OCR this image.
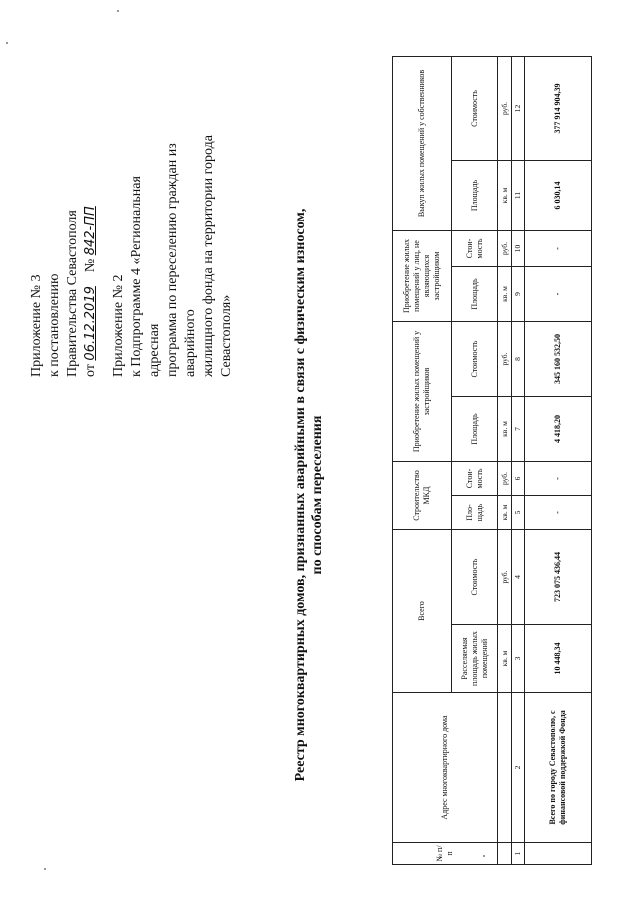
Приложение № 3 к постановлению Правительства Севастополя от 06.12.2019    № 842-ПП

Приложение № 2 к Подпрограмме 4 «Региональная адресная программа по переселению граждан из аварийного жилищного фонда на территории города Севастополя»	Реестр многоквартирных домов, признанных аварийными в связи с физическим износом, по способам переселения

№ п/п	Адрес многоквартирного дома	Всего		Строительство МКД		Приобретение жилых помещений у застройщиков		Приобретение жилых помещений у лиц, не являющихся застройщиком		Выкуп жилых помещений у собственников	
		Расселяемая площадь жилых помещений	Стоимость	Пло-щадь	Стои-мость	Площадь	Стоимость	Площадь	Стои-мость	Площадь	Стоимость
		кв. м	руб.	кв. м	руб.	кв. м	руб.	кв. м	руб.	кв. м	руб.
1	2	3	4	5	6	7	8	9	10	11	12
	Всего по городу Севастополю, с финансовой поддержкой Фонда	10 448,34	723 075 436,44	-	-	4 418,20	345 160 532,50	-	-	6 030,14	377 914 904,39
